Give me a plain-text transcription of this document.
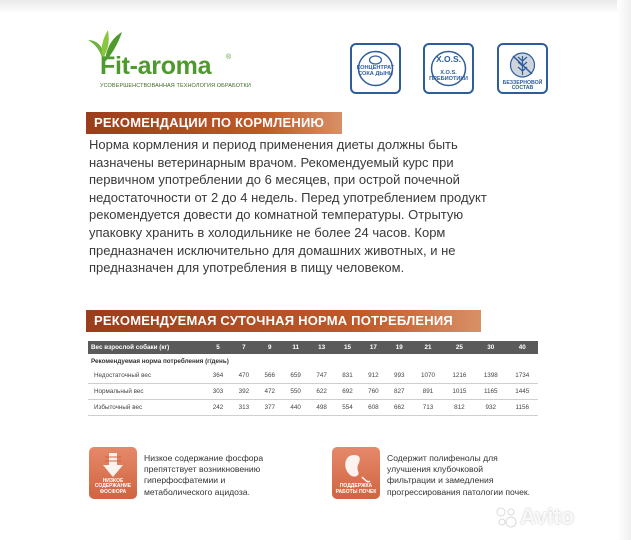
Fit-aroma ®
УСОВЕРШЕНСТВОВАННАЯ ТЕХНОЛОГИЯ ОБРАБОТКИ
КОНЦЕНТРАТ
СОКА ДЫНИ
X.O.S.
X.O.S.
ПРЕБИОТИКИ
БЕЗЗЕРНОВОЙ
СОСТАВ
РЕКОМЕНДАЦИИ ПО КОРМЛЕНИЮ
Норма кормления и период применения диеты должны быть назначены ветеринарным врачом. Рекомендуемый курс при первичном употреблении до 6 месяцев, при острой почечной недостаточности от 2 до 4 недель. Перед употреблением продукт рекомендуется довести до комнатной температуры. Отрытую упаковку хранить в холодильнике не более 24 часов. Корм предназначен исключительно для домашних животных, и не предназначен для употребления в пищу человеком.
РЕКОМЕНДУЕМАЯ СУТОЧНАЯ НОРМА ПОТРЕБЛЕНИЯ
Вес взрослой собаки (кг)	5	7	9	11	13	15	17	19	21	25	30	40
Рекомендуемая норма потребления (г/день)												
Недостаточный вес	364	470	566	659	747	831	912	993	1070	1216	1398	1734
Нормальный вес	303	392	472	550	622	692	760	827	891	1015	1165	1445
Избыточный вес	242	313	377	440	498	554	608	662	713	812	932	1156
НИЗКОЕ
СОДЕРЖАНИЕ
ФОСФОРА
Низкое содержание фосфора
препятствует возникновению
гиперфосфатемии и
метаболического ацидоза.
ПОДДЕРЖКА
РАБОТЫ ПОЧЕК
Содержит полифенолы для
улучшения клубочковой
фильтрации и замедления
прогрессирования патологии почек.
Avito
